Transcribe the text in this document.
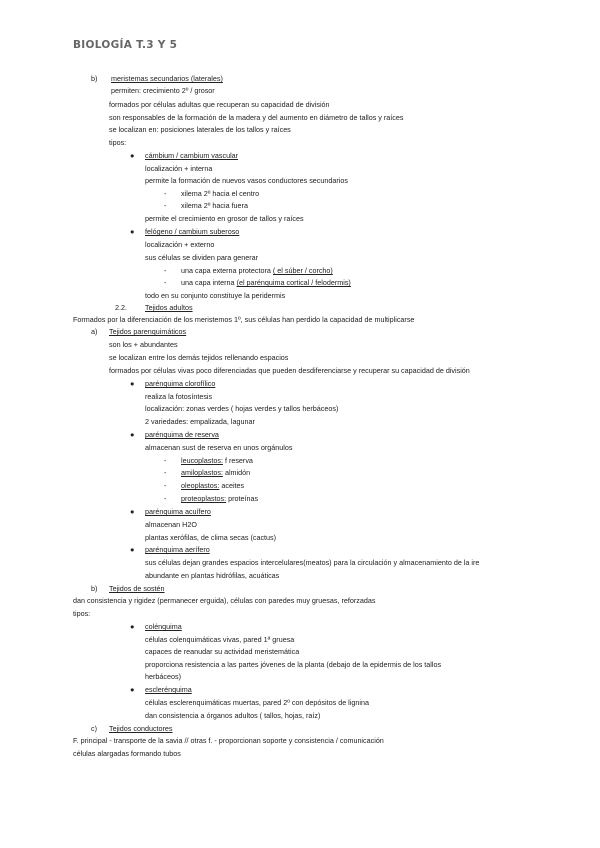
BIOLOGÍA T.3 Y 5
b) meristemas secundarios (laterales)
permiten: crecimiento 2º / grosor
formados por células adultas que recuperan su capacidad de división
son responsables de la formación de la madera y del aumento en diámetro de tallos y raíces
se localizan en: posiciones laterales de los tallos y raíces
tipos:
● cámbium / cambium vascular
localización + interna
permite la formación de nuevos vasos conductores secundarios
- xilema 2º hacia el centro
- xilema 2º hacia fuera
permite el crecimiento en grosor de tallos y raíces
● felógeno / cambium suberoso
localización + externo
sus células se dividen para generar
- una capa externa protectora ( el súber / corcho)
- una capa interna (el parénquima cortical / felodermis)
todo en su conjunto constituye la peridermis
2.2.	Tejidos adultos
Formados por la diferenciación de los meristemos 1º, sus células han perdido la capacidad de multiplicarse
a) Tejidos parenquimáticos
son los + abundantes
se localizan entre los demás tejidos rellenando espacios
formados por células vivas poco diferenciadas que pueden desdiferenciarse y recuperar su capacidad de división
● parénquima clorofílico
realiza la fotosíntesis
localización: zonas verdes ( hojas verdes y tallos herbáceos)
2 variedades: empalizada, lagunar
● parénquima de reserva
almacenan sust de reserva en unos orgánulos
- leucoplastos: f reserva
- amiloplastos: almidón
- oleoplastos: aceites
- proteoplastos: proteínas
● parénquima acuífero
almacenan H2O
plantas xerófilas, de clima secas (cactus)
● parénquima aerífero
sus células dejan grandes espacios intercelulares(meatos) para la circulación y almacenamiento de la ire
abundante en plantas hidrófilas, acuáticas
b) Tejidos de sostén
dan consistencia y rigidez (permanecer erguida), células con paredes muy gruesas, reforzadas
tipos:
● colénquima
células colenquimáticas vivas, pared 1ª gruesa
capaces de reanudar su actividad meristemática
proporciona resistencia a las partes jóvenes de la planta (debajo de la epidermis de los tallos
herbáceos)
● esclerénquima
células esclerenquimáticas muertas, pared 2º con depósitos de lignina
dan consistencia a órganos adultos ( tallos, hojas, raíz)
c) Tejidos conductores
F. principal - transporte de la savia // otras f. - proporcionan soporte y consistencia / comunicación
células alargadas formando tubos
